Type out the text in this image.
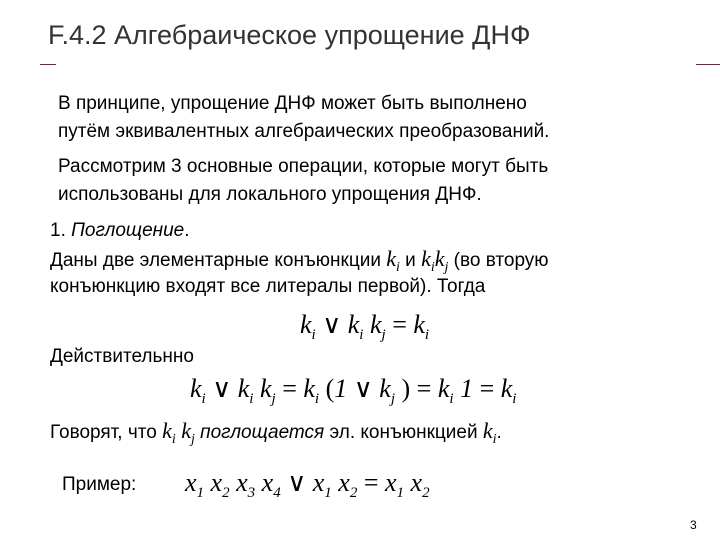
F.4.2 Алгебраическое упрощение ДНФ
В принципе, упрощение ДНФ может быть выполнено
путём эквивалентных алгебраических преобразований.
Рассмотрим 3 основные операции, которые могут быть
использованы для локального упрощения ДНФ.
1. Поглощение.
Даны две элементарные конъюнкции $k_i$ и $k_ik_j$ (во вторую
конъюнкцию входят все литералы первой). Тогда
$k_i$ ∨ $k_i$ $k_j = k_i$
Действительнно
$k_i$ ∨ $k_i$ $k_j = k_i$ (1 ∨ $k_j$ ) = $k_i$ $1 = k_i$
Говорят, что $k_i$ $k_j$ поглощается эл. конъюнкцией $k_i$.
Пример: $x_1$ $x_2$ $x_3$ $x_4$ ∨ $x_1$ $x_2 = x_1$ $x_2$
3
